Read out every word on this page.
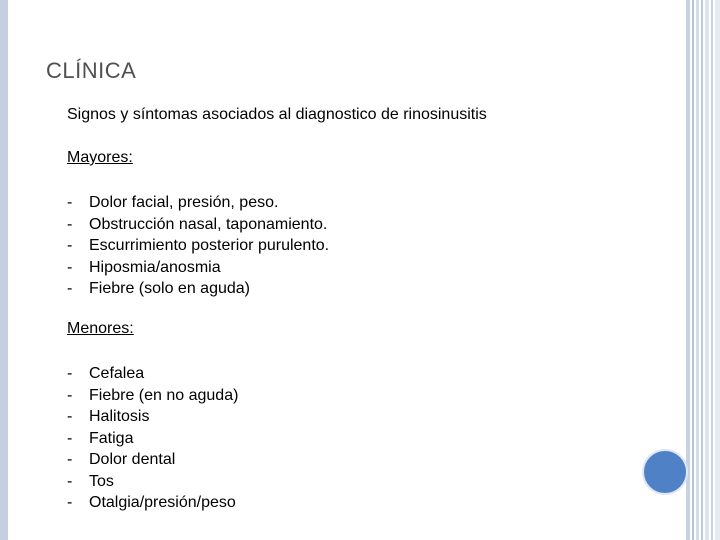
CLÍNICA
Signos y síntomas asociados al diagnostico de rinosinusitis
Mayores:
- Dolor facial, presión, peso.
- Obstrucción nasal, taponamiento.
- Escurrimiento posterior purulento.
- Hiposmia/anosmia
- Fiebre (solo en aguda)
Menores:
- Cefalea
- Fiebre (en no aguda)
- Halitosis
- Fatiga
- Dolor dental
- Tos
- Otalgia/presión/peso
